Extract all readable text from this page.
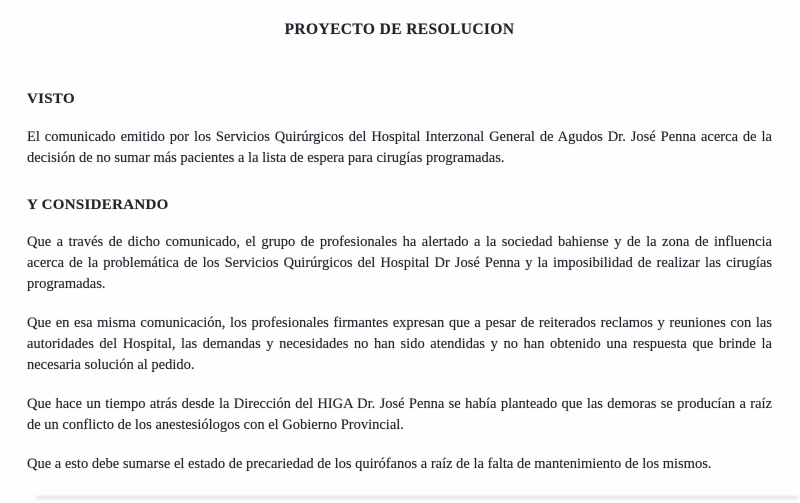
PROYECTO DE RESOLUCION
VISTO

El comunicado emitido por los Servicios Quirúrgicos del Hospital Interzonal General de Agudos Dr. José Penna acerca de la decisión de no sumar más pacientes a la lista de espera para cirugías programadas.

Y CONSIDERANDO

Que a través de dicho comunicado, el grupo de profesionales ha alertado a la sociedad bahiense y de la zona de influencia acerca de la problemática de los Servicios Quirúrgicos del Hospital Dr José Penna y la imposibilidad de realizar las cirugías programadas.

Que en esa misma comunicación, los profesionales firmantes expresan que a pesar de reiterados reclamos y reuniones con las autoridades del Hospital, las demandas y necesidades no han sido atendidas y no han obtenido una respuesta que brinde la necesaria solución al pedido.

Que hace un tiempo atrás desde la Dirección del HIGA Dr. José Penna se había planteado que las demoras se producían a raíz de un conflicto de los anestesiólogos con el Gobierno Provincial.

Que a esto debe sumarse el estado de precariedad de los quirófanos a raíz de la falta de mantenimiento de los mismos.
